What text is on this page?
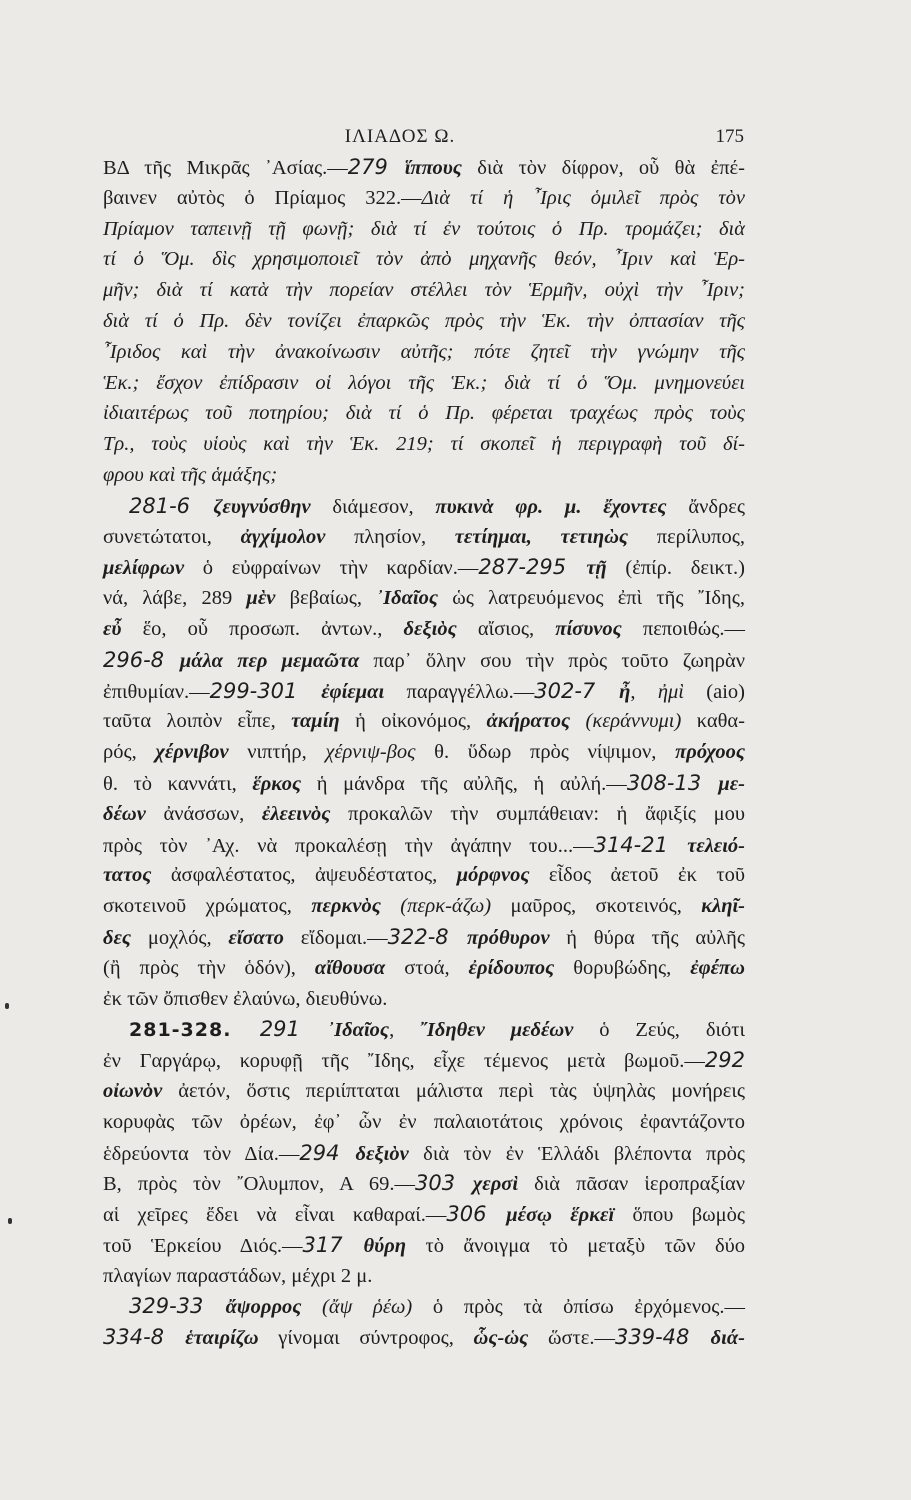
ΙΛΙΑΔΟΣ Ω.	175
ΒΔ τῆς Μικρᾶς ᾿Ασίας.—279 ἵππους διὰ τὸν δίφρον, οὗ θὰ ἐπέ-
βαινεν αὐτὸς ὁ Πρίαμος 322.—Διὰ τί ἡ ῏Ιρις ὁμιλεῖ πρὸς τὸν
Πρίαμον ταπεινῇ τῇ φωνῇ; διὰ τί ἐν τούτοις ὁ Πρ. τρομάζει; διὰ
τί ὁ Ὅμ. δὶς χρησιμοποιεῖ τὸν ἀπὸ μηχανῆς θεόν, ῏Ιριν καὶ Ἑρ-
μῆν; διὰ τί κατὰ τὴν πορείαν στέλλει τὸν Ἑρμῆν, οὐχὶ τὴν ῏Ιριν;
διὰ τί ὁ Πρ. δὲν τονίζει ἐπαρκῶς πρὸς τὴν Ἑκ. τὴν ὀπτασίαν τῆς
῏Ιριδος καὶ τὴν ἀνακοίνωσιν αὐτῆς; πότε ζητεῖ τὴν γνώμην τῆς
Ἑκ.; ἔσχον ἐπίδρασιν οἱ λόγοι τῆς Ἑκ.; διὰ τί ὁ Ὅμ. μνημονεύει
ἰδιαιτέρως τοῦ ποτηρίου; διὰ τί ὁ Πρ. φέρεται τραχέως πρὸς τοὺς
Τρ., τοὺς υἱοὺς καὶ τὴν Ἑκ. 219; τί σκοπεῖ ἡ περιγραφὴ τοῦ δί-
φρου καὶ τῆς ἁμάξης;
281-6 ζευγνύσθην διάμεσον, πυκινὰ φρ. μ. ἔχοντες ἄνδρες
συνετώτατοι, ἀγχίμολον πλησίον, τετίημαι, τετιηὼς περίλυπος,
μελίφρων ὁ εὐφραίνων τὴν καρδίαν.—287-295 τῇ (ἐπίρ. δεικτ.)
νά, λάβε, 289 μὲν βεβαίως, ᾿Ιδαῖος ὡς λατρευόμενος ἐπὶ τῆς ῎Ιδης,
εὖ ἕο, οὗ προσωπ. ἀντων., δεξιὸς αἴσιος, πίσυνος πεποιθώς.—
296-8 μάλα περ μεμαῶτα παρ᾿ ὅλην σου τὴν πρὸς τοῦτο ζωηρὰν
ἐπιθυμίαν.—299-301 ἐφίεμαι παραγγέλλω.—302-7 ἦ, ἠμὶ (aio)
ταῦτα λοιπὸν εἶπε, ταμίη ἡ οἰκονόμος, ἀκήρατος (κεράννυμι) καθα-
ρός, χέρνιβον νιπτήρ, χέρνιψ-βος θ. ὕδωρ πρὸς νίψιμον, πρόχοος
θ. τὸ καννάτι, ἕρκος ἡ μάνδρα τῆς αὐλῆς, ἡ αὐλή.—308-13 με-
δέων ἀνάσσων, ἐλεεινὸς προκαλῶν τὴν συμπάθειαν: ἡ ἄφιξίς μου
πρὸς τὸν ᾿Αχ. νὰ προκαλέσῃ τὴν ἀγάπην του...—314-21 τελειό-
τατος ἀσφαλέστατος, ἀψευδέστατος, μόρφνος εἶδος ἀετοῦ ἐκ τοῦ
σκοτεινοῦ χρώματος, περκνὸς (περκ-άζω) μαῦρος, σκοτεινός, κληῖ-
δες μοχλός, εἴσατο εἴδομαι.—322-8 πρόθυρον ἡ θύρα τῆς αὐλῆς
(ἢ πρὸς τὴν ὁδόν), αἴθουσα στοά, ἐρίδουπος θορυβώδης, ἐφέπω
ἐκ τῶν ὄπισθεν ἐλαύνω, διευθύνω.
281-328. 291 ᾿Ιδαῖος, ῎Ιδηθεν μεδέων ὁ Ζεύς, διότι
ἐν Γαργάρῳ, κορυφῇ τῆς ῎Ιδης, εἶχε τέμενος μετὰ βωμοῦ.—292
οἰωνὸν ἀετόν, ὅστις περιίπταται μάλιστα περὶ τὰς ὑψηλὰς μονήρεις
κορυφὰς τῶν ὀρέων, ἐφ᾿ ὧν ἐν παλαιοτάτοις χρόνοις ἐφαντάζοντο
ἑδρεύοντα τὸν Δία.—294 δεξιὸν διὰ τὸν ἐν Ἑλλάδι βλέποντα πρὸς
Β, πρὸς τὸν ῎Ολυμπον, Α 69.—303 χερσὶ διὰ πᾶσαν ἱεροπραξίαν
αἱ χεῖρες ἔδει νὰ εἶναι καθαραί.—306 μέσῳ ἕρκεϊ ὅπου βωμὸς
τοῦ Ἑρκείου Διός.—317 θύρη τὸ ἄνοιγμα τὸ μεταξὺ τῶν δύο
πλαγίων παραστάδων, μέχρι 2 μ.
329-33 ἄψορρος (ἄψ ῥέω) ὁ πρὸς τὰ ὀπίσω ἐρχόμενος.—
334-8 ἑταιρίζω γίνομαι σύντροφος, ὧς-ὡς ὥστε.—339-48 διά-
